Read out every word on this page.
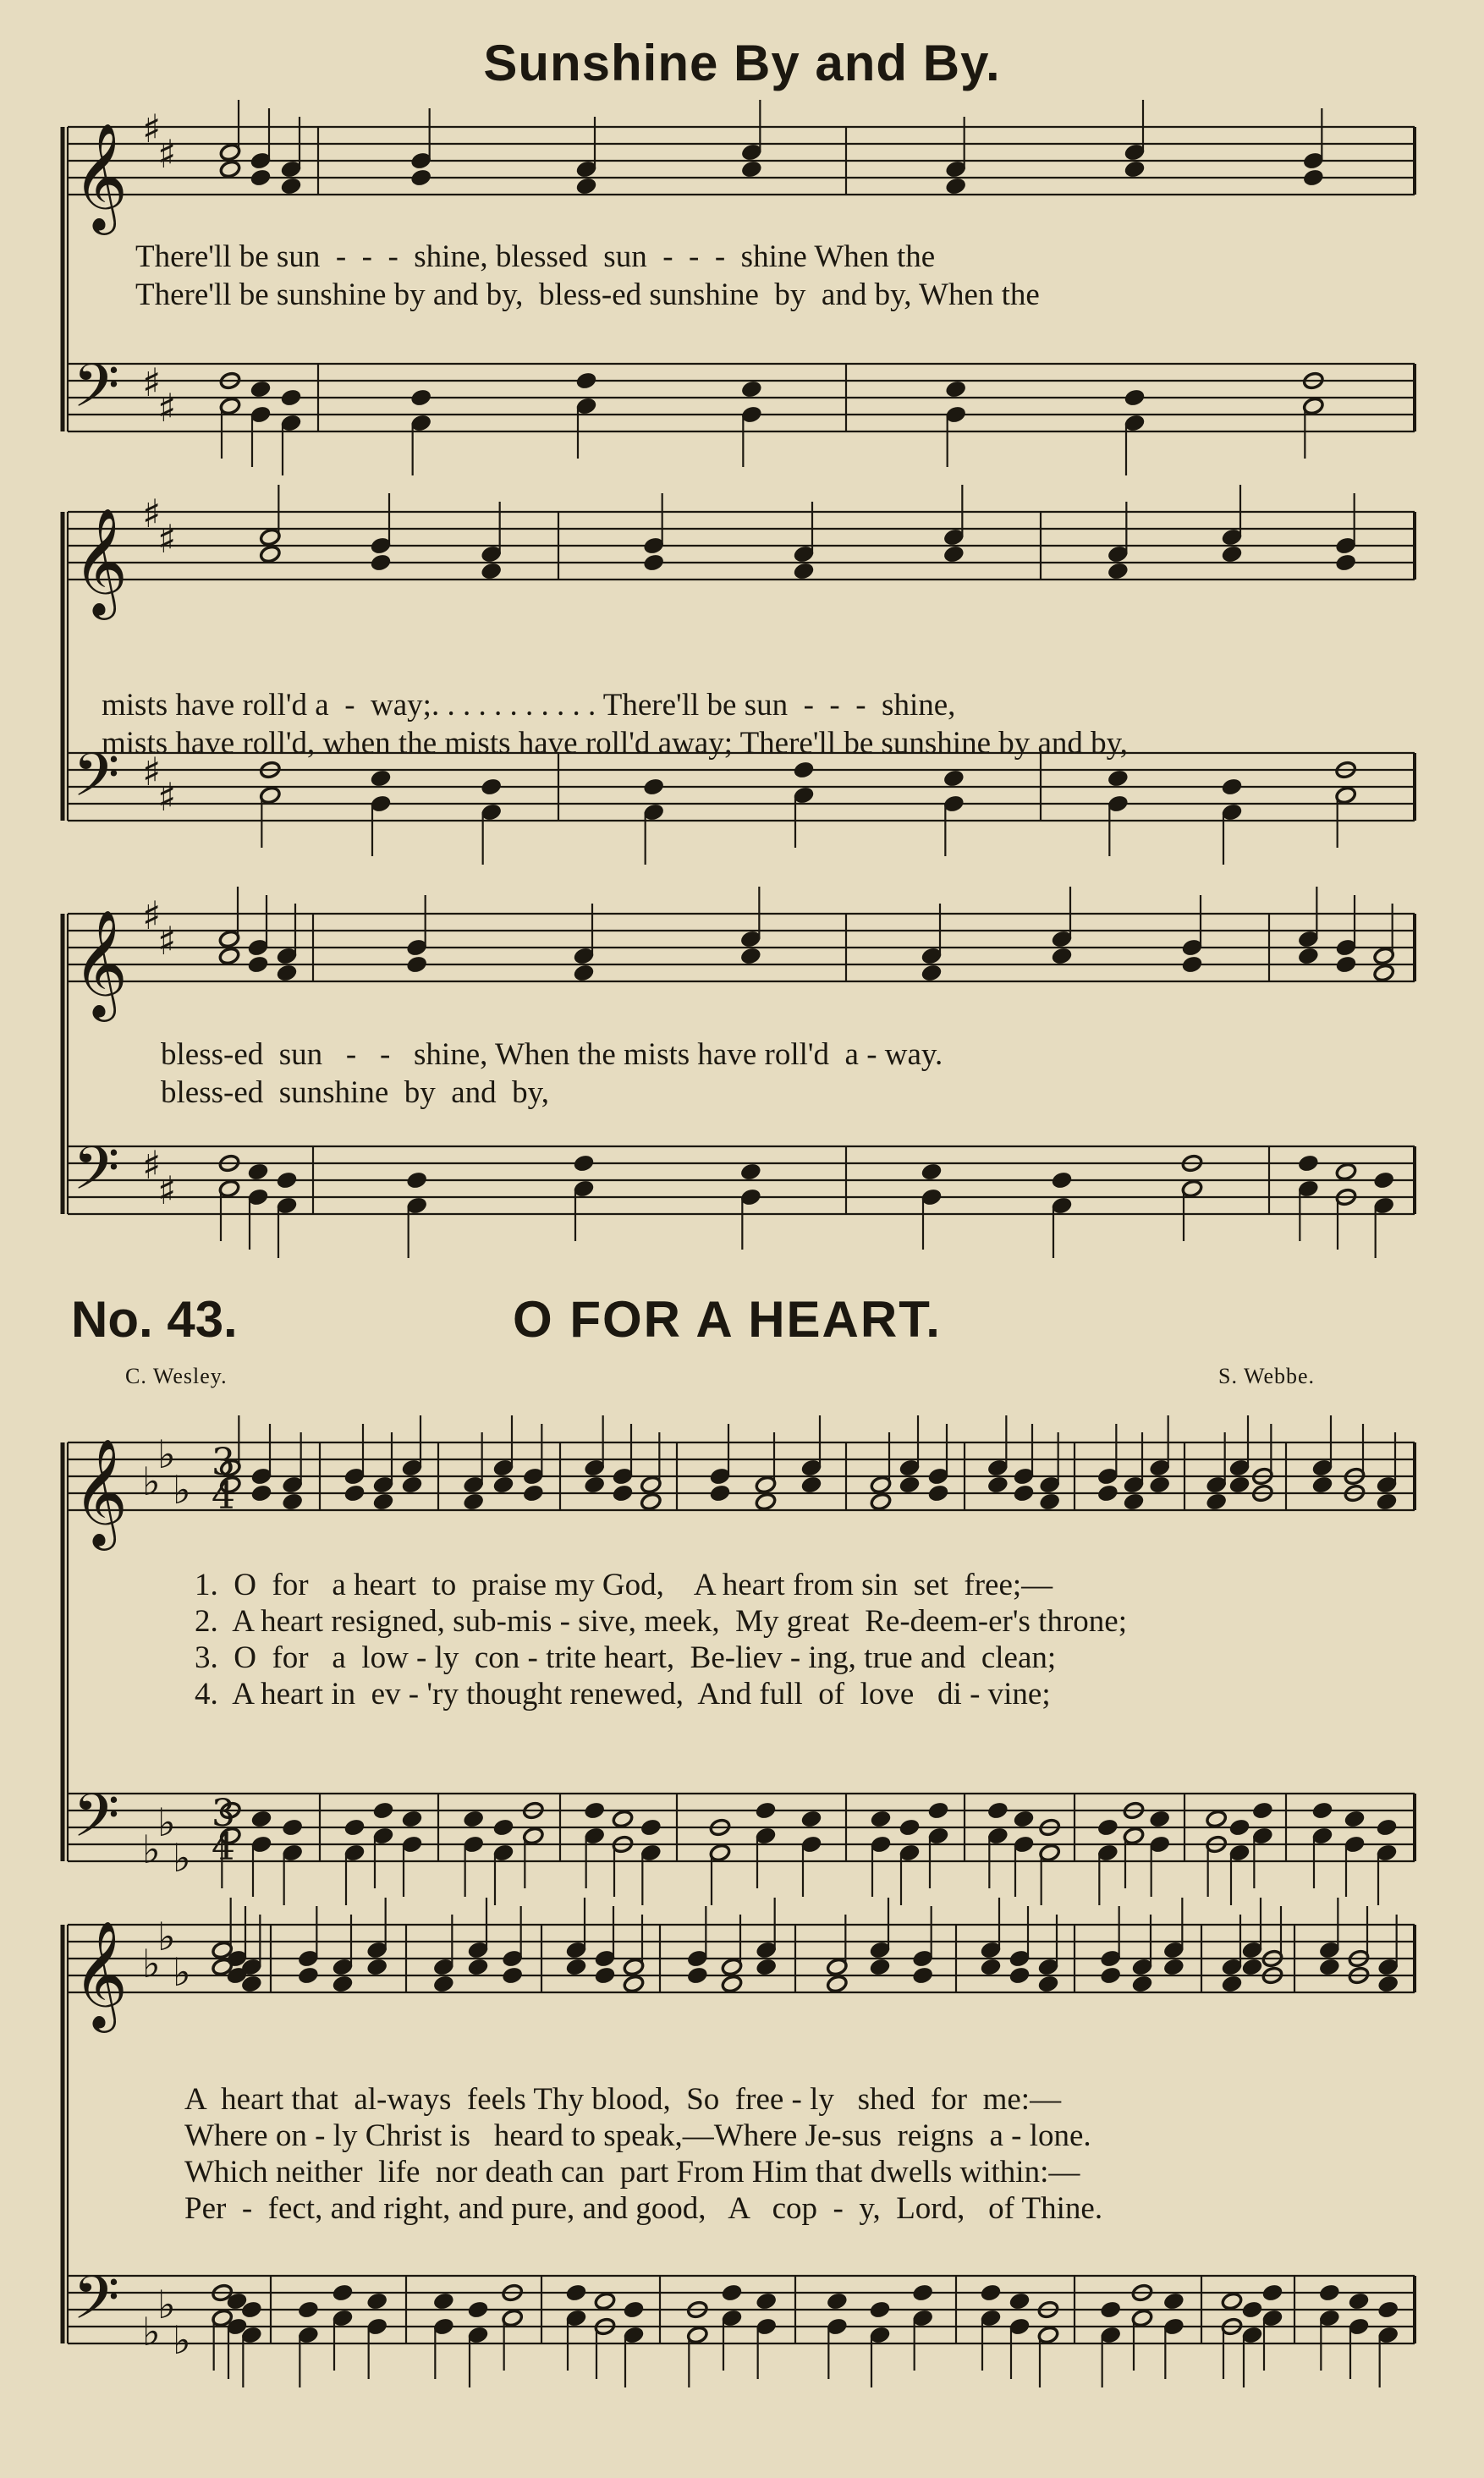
𝄞
𝄢
♯
♯
♯
♯
𝄞
𝄢
♯
♯
♯
♯
𝄞
𝄢
♯
♯
♯
♯
𝄞
𝄢
♭
♭
♭
♭
♭
♭
𝄞
𝄢
♭
♭
♭
♭
♭
♭
3
4
3
4
Sunshine By and By.
There'll be sun  -  -  -  shine, blessed  sun  -  -  -  shine When the
There'll be sunshine by and by,  bless-ed sunshine  by  and by, When the
mists have roll'd a  -  way;. . . . . . . . . . . There'll be sun  -  -  -  shine,
mists have roll'd, when the mists have roll'd away; There'll be sunshine by and by,
bless-ed  sun   -   -   shine, When the mists have roll'd  a - way.
bless-ed  sunshine  by  and  by,
No. 43.	O FOR A HEART.
C. Wesley.	S. Webbe.
1.  O  for   a heart  to  praise my God,    A heart from sin  set  free;—
2.  A heart resigned, sub-mis - sive, meek,  My great  Re-deem-er's throne;
3.  O  for   a  low - ly  con - trite heart,  Be-liev - ing, true and  clean;
4.  A heart in  ev - 'ry thought renewed,  And full  of  love   di - vine;
A  heart that  al-ways  feels Thy blood,  So  free - ly   shed  for  me:—
Where on - ly Christ is   heard to speak,—Where Je-sus  reigns  a - lone.
Which neither  life  nor death can  part From Him that dwells within:—
Per  -  fect, and right, and pure, and good,   A   cop  -  y,  Lord,   of Thine.
